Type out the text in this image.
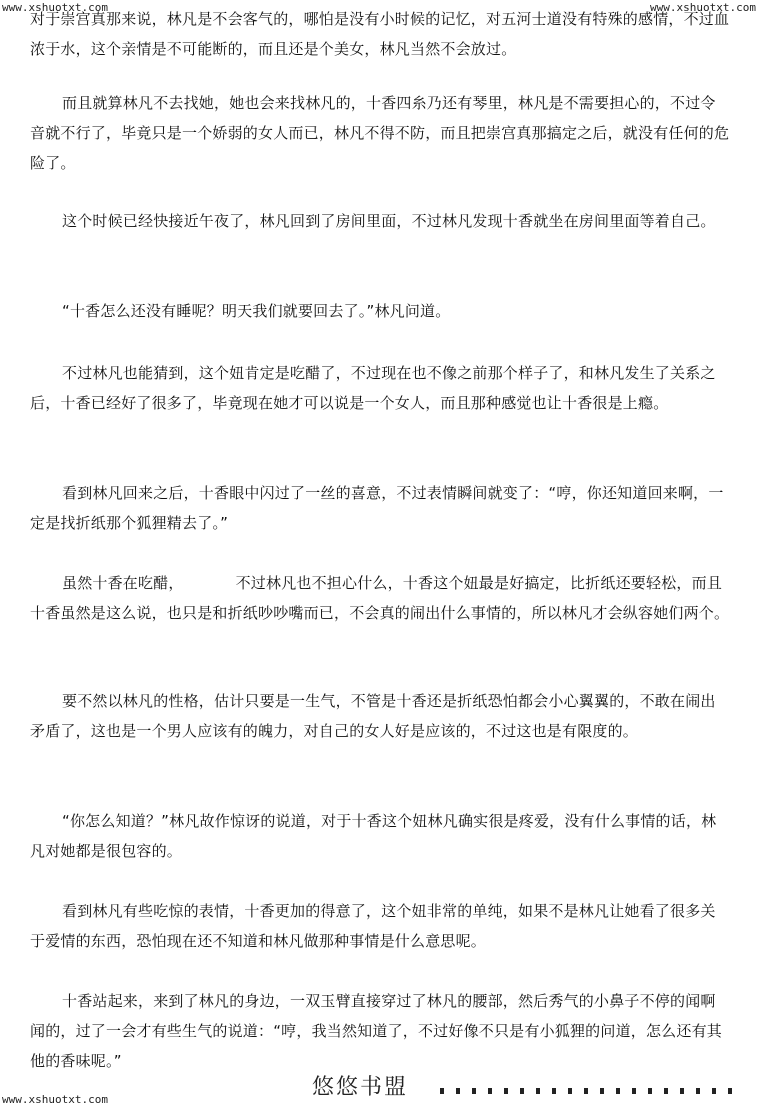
www.xshuotxt.com	www.xshuotxt.com

对于崇宫真那来说，林凡是不会客气的，哪怕是没有小时候的记忆，对五河士道没有特殊的感情，不过血浓于水，这个亲情是不可能断的，而且还是个美女，林凡当然不会放过。

而且就算林凡不去找她，她也会来找林凡的，十香四糸乃还有琴里，林凡是不需要担心的，不过令音就不行了，毕竟只是一个娇弱的女人而已，林凡不得不防，而且把崇宫真那搞定之后，就没有任何的危险了。

这个时候已经快接近午夜了，林凡回到了房间里面，不过林凡发现十香就坐在房间里面等着自己。

“十香怎么还没有睡呢？明天我们就要回去了。”林凡问道。

不过林凡也能猜到，这个妞肯定是吃醋了，不过现在也不像之前那个样子了，和林凡发生了关系之后，十香已经好了很多了，毕竟现在她才可以说是一个女人，而且那种感觉也让十香很是上瘾。

看到林凡回来之后，十香眼中闪过了一丝的喜意，不过表情瞬间就变了：“哼，你还知道回来啊，一定是找折纸那个狐狸精去了。”

虽然十香在吃醋，	不过林凡也不担心什么，十香这个妞最是好搞定，比折纸还要轻松，而且十香虽然是这么说，也只是和折纸吵吵嘴而已，不会真的闹出什么事情的，所以林凡才会纵容她们两个。

要不然以林凡的性格，估计只要是一生气，不管是十香还是折纸恐怕都会小心翼翼的，不敢在闹出矛盾了，这也是一个男人应该有的魄力，对自己的女人好是应该的，不过这也是有限度的。

“你怎么知道？”林凡故作惊讶的说道，对于十香这个妞林凡确实很是疼爱，没有什么事情的话，林凡对她都是很包容的。

看到林凡有些吃惊的表情，十香更加的得意了，这个妞非常的单纯，如果不是林凡让她看了很多关于爱情的东西，恐怕现在还不知道和林凡做那种事情是什么意思呢。

十香站起来，来到了林凡的身边，一双玉臂直接穿过了林凡的腰部，然后秀气的小鼻子不停的闻啊闻的，过了一会才有些生气的说道：“哼，我当然知道了，不过好像不只是有小狐狸的问道，怎么还有其他的香味呢。”

悠悠书盟
www.xshuotxt.com
